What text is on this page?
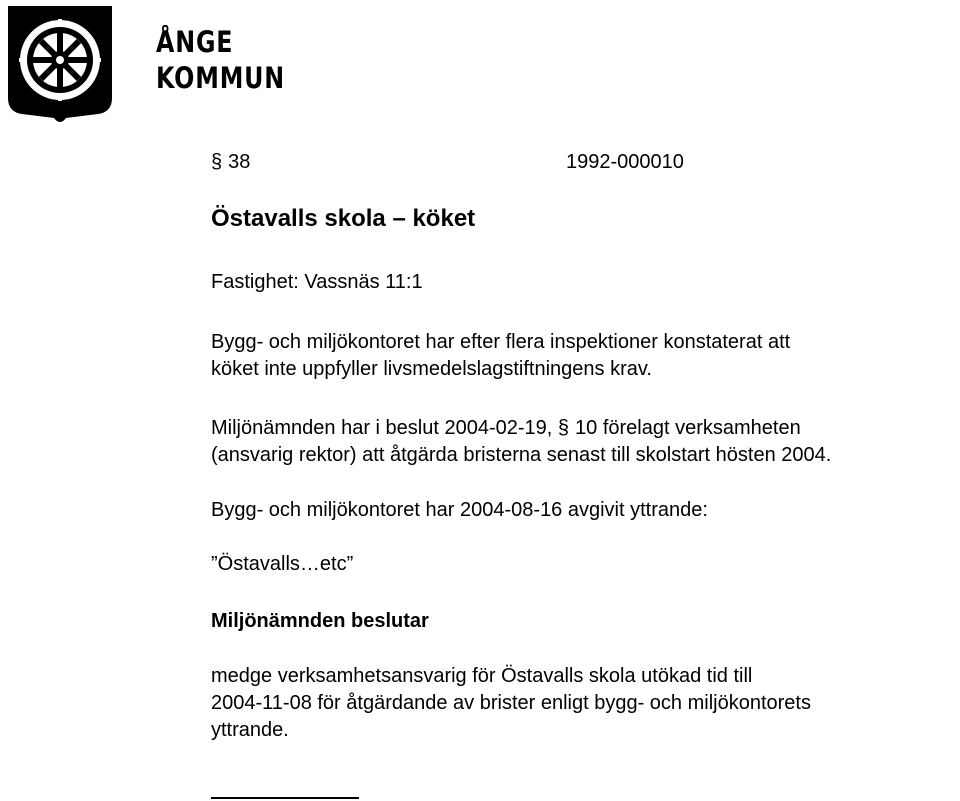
ÅNGE
KOMMUN
§ 38	1992-000010
Östavalls skola – köket
Fastighet: Vassnäs 11:1
Bygg- och miljökontoret har efter flera inspektioner konstaterat att
köket inte uppfyller livsmedelslagstiftningens krav.
Miljönämnden har i beslut 2004-02-19, § 10 förelagt verksamheten
(ansvarig rektor) att åtgärda bristerna senast till skolstart hösten 2004.
Bygg- och miljökontoret har 2004-08-16 avgivit yttrande:
”Östavalls…etc”
Miljönämnden beslutar
medge verksamhetsansvarig för Östavalls skola utökad tid till
2004-11-08 för åtgärdande av brister enligt bygg- och miljökontorets
yttrande.
